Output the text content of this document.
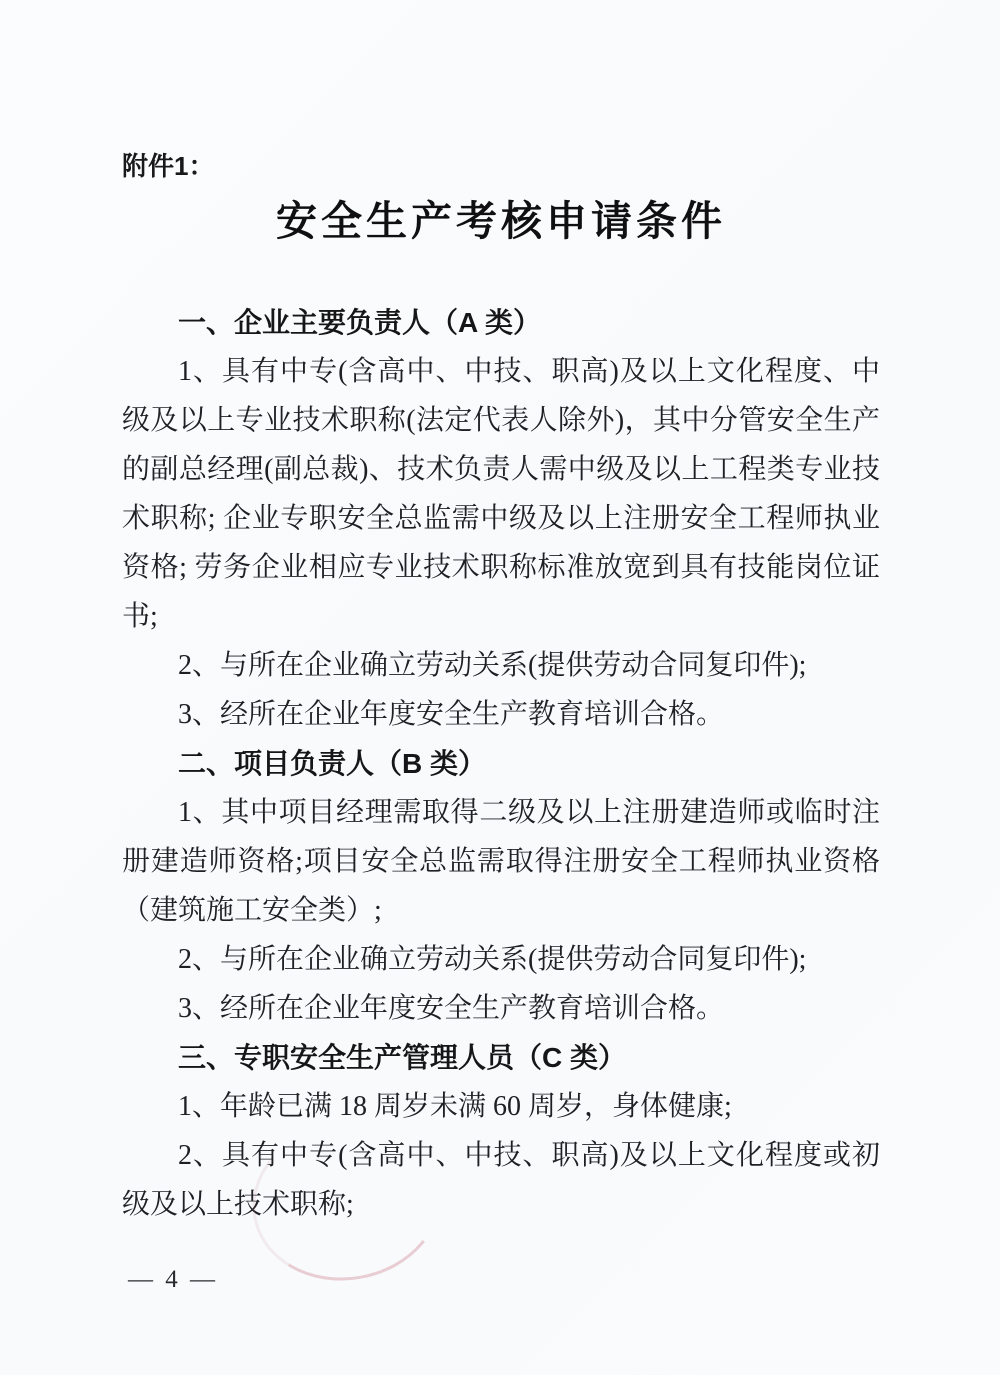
附件1：
安全生产考核申请条件
一、企业主要负责人（A 类）

1、具有中专(含高中、中技、职高)及以上文化程度、中级及以上专业技术职称(法定代表人除外)，其中分管安全生产的副总经理(副总裁)、技术负责人需中级及以上工程类专业技术职称; 企业专职安全总监需中级及以上注册安全工程师执业资格; 劳务企业相应专业技术职称标准放宽到具有技能岗位证书;

2、与所在企业确立劳动关系(提供劳动合同复印件);

3、经所在企业年度安全生产教育培训合格。

二、项目负责人（B 类）

1、其中项目经理需取得二级及以上注册建造师或临时注册建造师资格;项目安全总监需取得注册安全工程师执业资格（建筑施工安全类）;

2、与所在企业确立劳动关系(提供劳动合同复印件);

3、经所在企业年度安全生产教育培训合格。

三、专职安全生产管理人员（C 类）

1、年龄已满 18 周岁未满 60 周岁，身体健康;

2、具有中专(含高中、中技、职高)及以上文化程度或初级及以上技术职称;

— 4 —
